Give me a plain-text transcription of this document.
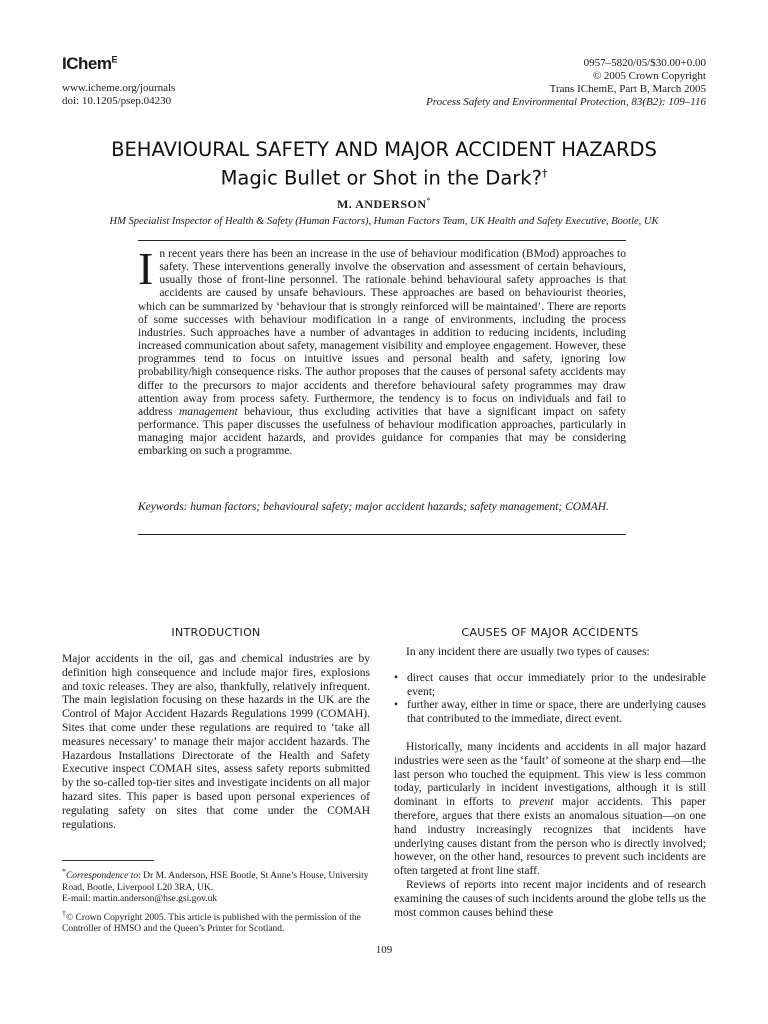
IChem$^E$
www.icheme.org/journals
doi: 10.1205/psep.04230
0957–5820/05/$30.00+0.00
© 2005 Crown Copyright
Trans IChemE, Part B, March 2005
Process Safety and Environmental Protection, 83(B2): 109–116
BEHAVIOURAL SAFETY AND MAJOR ACCIDENT HAZARDS
Magic Bullet or Shot in the Dark?†
M. ANDERSON*
HM Specialist Inspector of Health & Safety (Human Factors), Human Factors Team, UK Health and Safety Executive, Bootle, UK
In recent years there has been an increase in the use of behaviour modification (BMod) approaches to safety. These interventions generally involve the observation and assessment of certain behaviours, usually those of front-line personnel. The rationale behind behavioural safety approaches is that accidents are caused by unsafe behaviours. These approaches are based on behaviourist theories, which can be summarized by ‘behaviour that is strongly reinforced will be maintained’. There are reports of some successes with behaviour modification in a range of environments, including the process industries. Such approaches have a number of advantages in addition to reducing incidents, including increased communication about safety, management visibility and employee engagement. However, these programmes tend to focus on intuitive issues and personal health and safety, ignoring low probability/high consequence risks. The author proposes that the causes of personal safety accidents may differ to the precursors to major accidents and therefore behavioural safety programmes may draw attention away from process safety. Furthermore, the tendency is to focus on individuals and fail to address management behaviour, thus excluding activities that have a significant impact on safety performance. This paper discusses the usefulness of behaviour modification approaches, particularly in managing major accident hazards, and provides guidance for companies that may be considering embarking on such a programme.
Keywords: human factors; behavioural safety; major accident hazards; safety management; COMAH.
INTRODUCTION

Major accidents in the oil, gas and chemical industries are by definition high consequence and include major fires, explosions and toxic releases. They are also, thankfully, relatively infrequent. The main legislation focusing on these hazards in the UK are the Control of Major Accident Hazards Regulations 1999 (COMAH). Sites that come under these regulations are required to ‘take all measures necessary’ to manage their major accident hazards. The Hazardous Installations Directorate of the Health and Safety Executive inspect COMAH sites, assess safety reports submitted by the so-called top-tier sites and investigate incidents on all major hazard sites. This paper is based upon personal experiences of regulating safety on sites that come under the COMAH regulations.

*Correspondence to: Dr M. Anderson, HSE Bootle, St Anne’s House, University Road, Bootle, Liverpool L20 3RA, UK.
E-mail: martin.anderson@hse.gsi.gov.uk
†© Crown Copyright 2005. This article is published with the permission of the Controller of HMSO and the Queen’s Printer for Scotland.
CAUSES OF MAJOR ACCIDENTS

In any incident there are usually two types of causes:

• direct causes that occur immediately prior to the undesirable event;
• further away, either in time or space, there are underlying causes that contributed to the immediate, direct event.

Historically, many incidents and accidents in all major hazard industries were seen as the ‘fault’ of someone at the sharp end—the last person who touched the equipment. This view is less common today, particularly in incident investigations, although it is still dominant in efforts to prevent major accidents. This paper therefore, argues that there exists an anomalous situation—on one hand industry increasingly recognizes that incidents have underlying causes distant from the person who is directly involved; however, on the other hand, resources to prevent such incidents are often targeted at front line staff.

Reviews of reports into recent major incidents and of research examining the causes of such incidents around the globe tells us the most common causes behind these

109
